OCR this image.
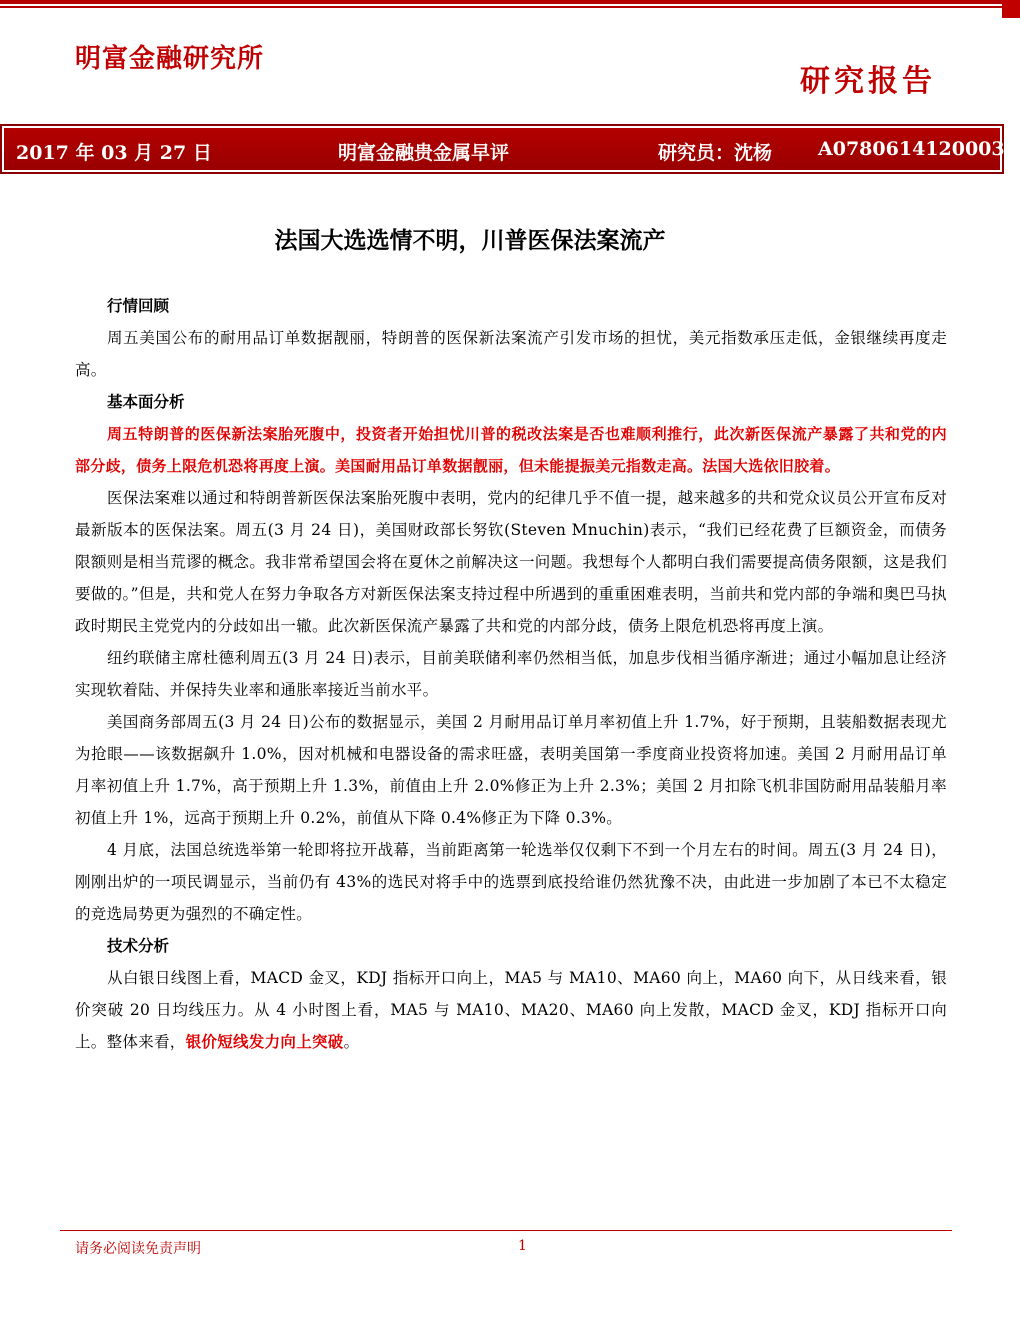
明富金融研究所
研究报告
2017 年 03 月 27 日	明富金融贵金属早评	研究员：沈杨 A0780614120003
法国大选选情不明，川普医保法案流产
行情回顾

周五美国公布的耐用品订单数据靓丽，特朗普的医保新法案流产引发市场的担忧，美元指数承压走低，金银继续再度走高。

基本面分析

周五特朗普的医保新法案胎死腹中，投资者开始担忧川普的税改法案是否也难顺利推行，此次新医保流产暴露了共和党的内部分歧，债务上限危机恐将再度上演。美国耐用品订单数据靓丽，但未能提振美元指数走高。法国大选依旧胶着。

医保法案难以通过和特朗普新医保法案胎死腹中表明，党内的纪律几乎不值一提，越来越多的共和党众议员公开宣布反对最新版本的医保法案。周五(3 月 24 日)，美国财政部长努钦(Steven Mnuchin)表示，“我们已经花费了巨额资金，而债务限额则是相当荒谬的概念。我非常希望国会将在夏休之前解决这一问题。我想每个人都明白我们需要提高债务限额，这是我们要做的。”但是，共和党人在努力争取各方对新医保法案支持过程中所遇到的重重困难表明，当前共和党内部的争端和奥巴马执政时期民主党党内的分歧如出一辙。此次新医保流产暴露了共和党的内部分歧，债务上限危机恐将再度上演。

纽约联储主席杜德利周五(3 月 24 日)表示，目前美联储利率仍然相当低，加息步伐相当循序渐进；通过小幅加息让经济实现软着陆、并保持失业率和通胀率接近当前水平。

美国商务部周五(3 月 24 日)公布的数据显示，美国 2 月耐用品订单月率初值上升 1.7%，好于预期，且装船数据表现尤为抢眼——该数据飙升 1.0%，因对机械和电器设备的需求旺盛，表明美国第一季度商业投资将加速。美国 2 月耐用品订单月率初值上升 1.7%，高于预期上升 1.3%，前值由上升 2.0%修正为上升 2.3%；美国 2 月扣除飞机非国防耐用品装船月率初值上升 1%，远高于预期上升 0.2%，前值从下降 0.4%修正为下降 0.3%。

4 月底，法国总统选举第一轮即将拉开战幕，当前距离第一轮选举仅仅剩下不到一个月左右的时间。周五(3 月 24 日)，刚刚出炉的一项民调显示，当前仍有 43%的选民对将手中的选票到底投给谁仍然犹豫不决，由此进一步加剧了本已不太稳定的竞选局势更为强烈的不确定性。

技术分析

从白银日线图上看，MACD 金叉，KDJ 指标开口向上，MA5 与 MA10、MA60 向上，MA60 向下，从日线来看，银价突破 20 日均线压力。从 4 小时图上看，MA5 与 MA10、MA20、MA60 向上发散，MACD 金叉，KDJ 指标开口向上。整体来看，银价短线发力向上突破。

请务必阅读免责声明	1
